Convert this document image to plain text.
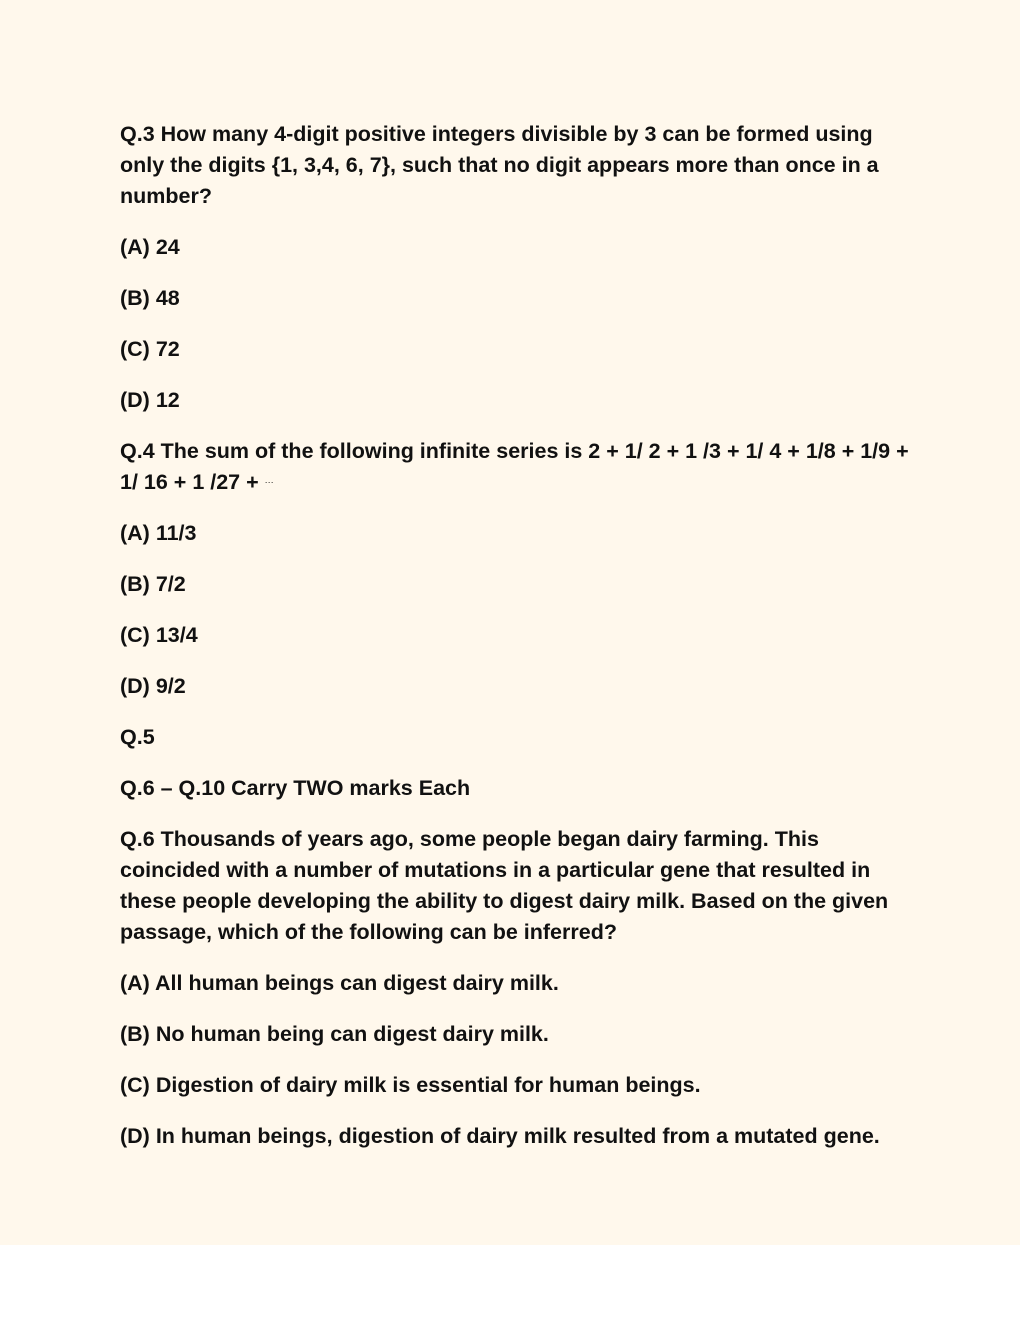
Q.3 How many 4-digit positive integers divisible by 3 can be formed using only the digits {1, 3,4, 6, 7}, such that no digit appears more than once in a number?

(A) 24

(B) 48

(C) 72

(D) 12

Q.4 The sum of the following infinite series is 2 + 1/ 2 + 1 /3 + 1/ 4 + 1/8 + 1/9 + 1/ 16 + 1 /27 + ···

(A) 11/3

(B) 7/2

(C) 13/4

(D) 9/2

Q.5

Q.6 – Q.10 Carry TWO marks Each

Q.6 Thousands of years ago, some people began dairy farming. This coincided with a number of mutations in a particular gene that resulted in these people developing the ability to digest dairy milk. Based on the given passage, which of the following can be inferred?

(A) All human beings can digest dairy milk.

(B) No human being can digest dairy milk.

(C) Digestion of dairy milk is essential for human beings.

(D) In human beings, digestion of dairy milk resulted from a mutated gene.
